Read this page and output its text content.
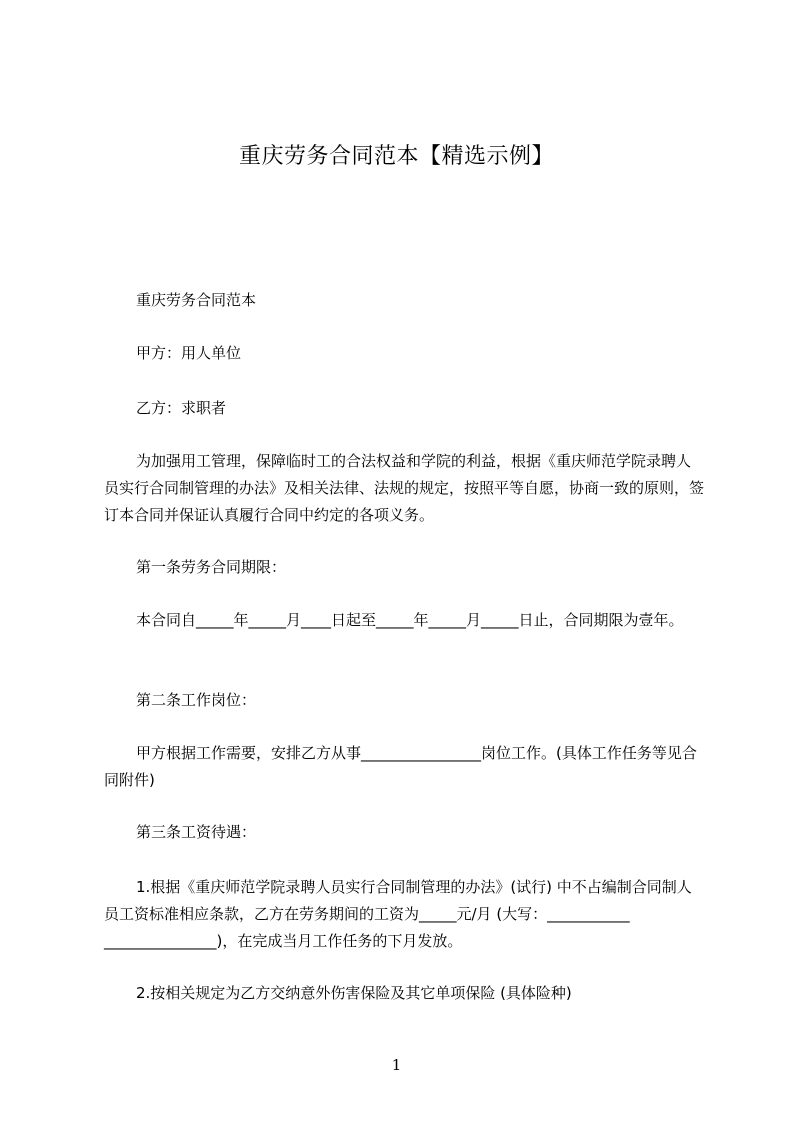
重庆劳务合同范本【精选示例】

重庆劳务合同范本

甲方：用人单位

乙方：求职者

为加强用工管理，保障临时工的合法权益和学院的利益，根据《重庆师范学院录聘人员实行合同制管理的办法》及相关法律、法规的规定，按照平等自愿，协商一致的原则，签订本合同并保证认真履行合同中约定的各项义务。

第一条劳务合同期限：

本合同自_____年_____月____日起至_____年_____月_____日止，合同期限为壹年。

第二条工作岗位：

甲方根据工作需要，安排乙方从事________________岗位工作。(具体工作任务等见合同附件)

第三条工资待遇：

1.根据《重庆师范学院录聘人员实行合同制管理的办法》(试行) 中不占编制合同制人员工资标准相应条款，乙方在劳务期间的工资为_____元/月 (大写：___________ _______________)，在完成当月工作任务的下月发放。

2.按相关规定为乙方交纳意外伤害保险及其它单项保险 (具体险种)

1
